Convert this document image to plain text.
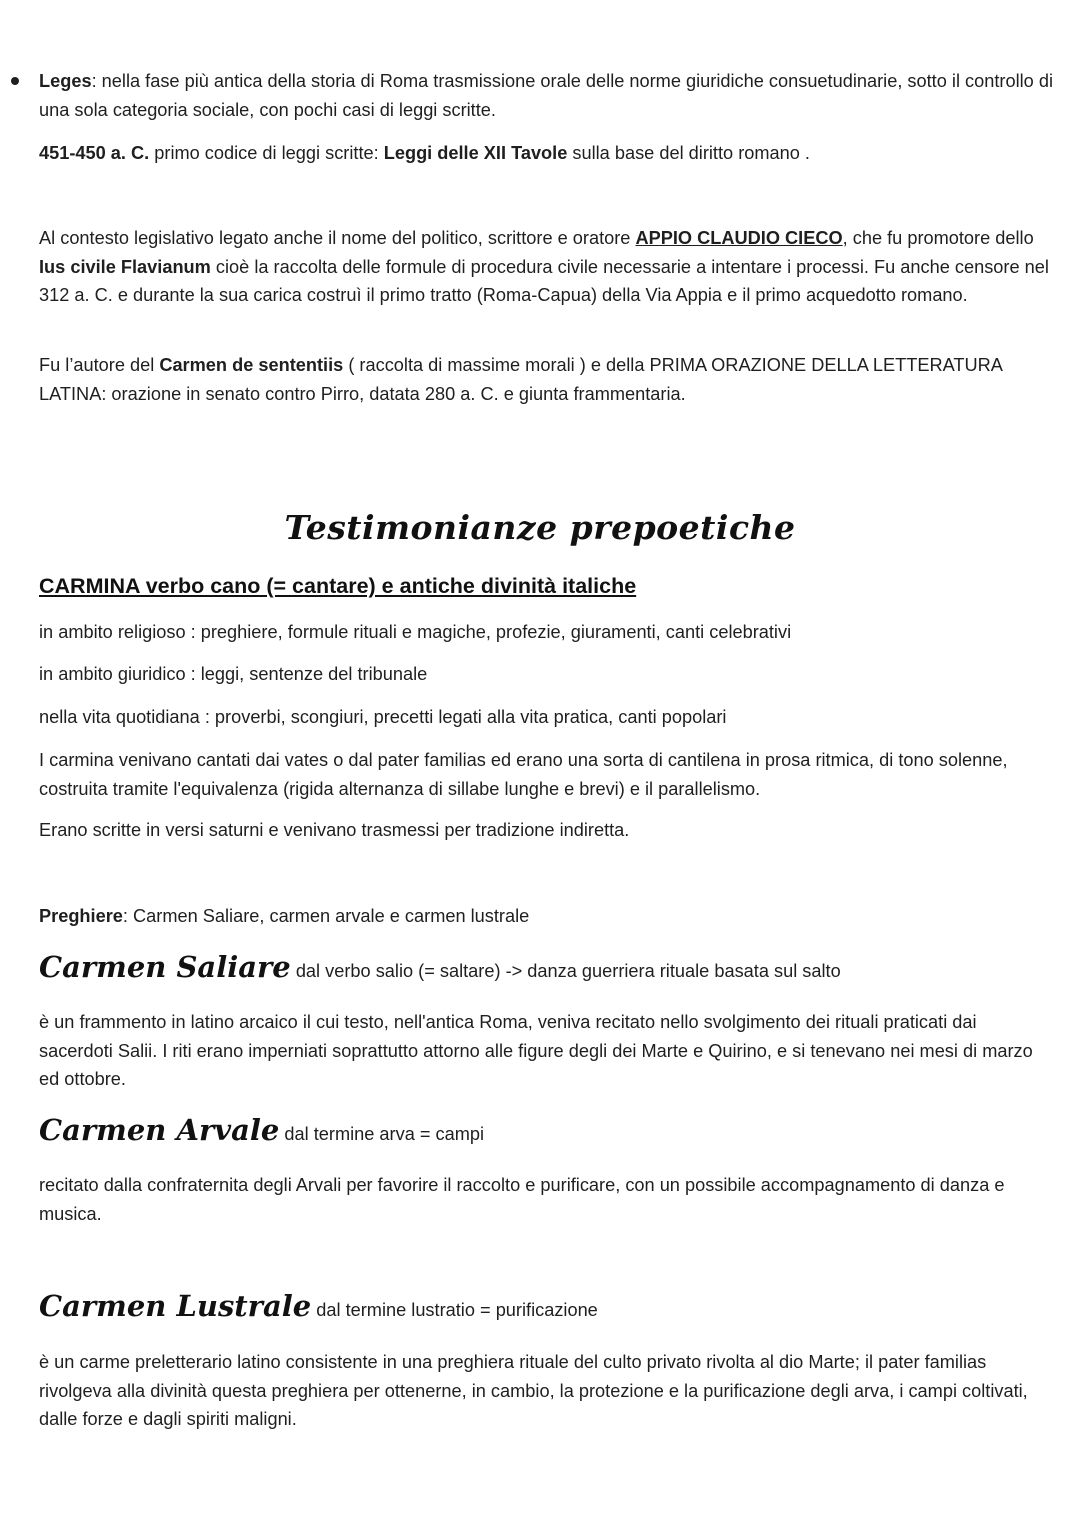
Leges: nella fase più antica della storia di Roma trasmissione orale delle norme giuridiche consuetudinarie, sotto il controllo di una sola categoria sociale, con pochi casi di leggi scritte.
451-450 a. C. primo codice di leggi scritte: Leggi delle XII Tavole sulla base del diritto romano .
Al contesto legislativo legato anche il nome del politico, scrittore e oratore APPIO CLAUDIO CIECO, che fu promotore dello Ius civile Flavianum cioè la raccolta delle formule di procedura civile necessarie a intentare i processi. Fu anche censore nel 312 a. C. e durante la sua carica costruì il primo tratto (Roma-Capua) della Via Appia e il primo acquedotto romano.
Fu l’autore del Carmen de sententiis ( raccolta di massime morali ) e della PRIMA ORAZIONE DELLA LETTERATURA LATINA: orazione in senato contro Pirro, datata 280 a. C. e giunta frammentaria.
Testimonianze prepoetiche
CARMINA verbo cano (= cantare) e antiche divinità italiche
in ambito religioso : preghiere, formule rituali e magiche, profezie, giuramenti, canti celebrativi
in ambito giuridico : leggi, sentenze del tribunale
nella vita quotidiana : proverbi, scongiuri, precetti legati alla vita pratica, canti popolari
I carmina venivano cantati dai vates o dal pater familias ed erano una sorta di cantilena in prosa ritmica, di tono solenne, costruita tramite l'equivalenza (rigida alternanza di sillabe lunghe e brevi) e il parallelismo.
Erano scritte in versi saturni e venivano trasmessi per tradizione indiretta.
Preghiere: Carmen Saliare, carmen arvale e carmen lustrale
Carmen Saliare dal verbo salio (= saltare) -> danza guerriera rituale basata sul salto
è un frammento in latino arcaico il cui testo, nell'antica Roma, veniva recitato nello svolgimento dei rituali praticati dai sacerdoti Salii. I riti erano imperniati soprattutto attorno alle figure degli dei Marte e Quirino, e si tenevano nei mesi di marzo ed ottobre.
Carmen Arvale dal termine arva = campi
recitato dalla confraternita degli Arvali per favorire il raccolto e purificare, con un possibile accompagnamento di danza e musica.
Carmen Lustrale dal termine lustratio = purificazione
è un carme preletterario latino consistente in una preghiera rituale del culto privato rivolta al dio Marte; il pater familias rivolgeva alla divinità questa preghiera per ottenerne, in cambio, la protezione e la purificazione degli arva, i campi coltivati, dalle forze e dagli spiriti maligni.
